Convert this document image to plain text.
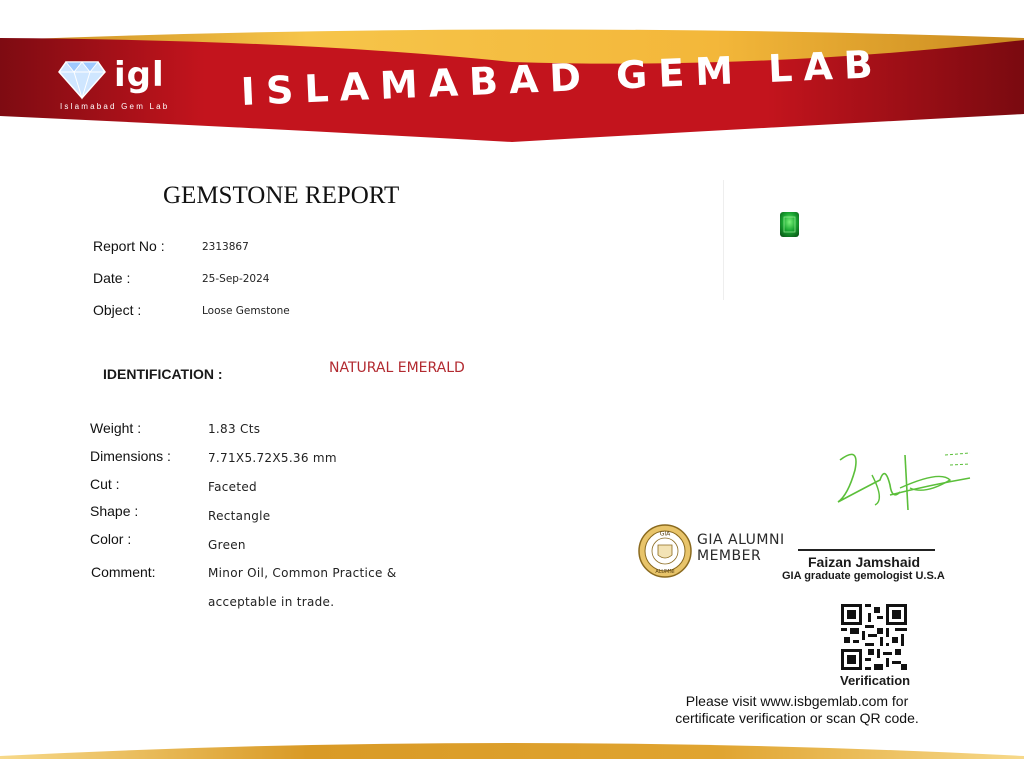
igl
Islamabad Gem Lab ISLAMABAD GEM LAB
GEMSTONE REPORT
Report No :	2313867
Date :	25-Sep-2024
Object :	Loose Gemstone
IDENTIFICATION :	NATURAL EMERALD
Weight :	1.83 Cts
Dimensions :	7.71X5.72X5.36 mm
Cut :	Faceted
Shape :	Rectangle
Color :	Green
Comment:	Minor Oil, Common Practice &
acceptable in trade.
Faizan Jamshaid
GIA graduate gemologist U.S.A
GIA
ALUMNI
GIA ALUMNI
MEMBER
Verification
Please visit www.isbgemlab.com for
certificate verification or scan QR code.
